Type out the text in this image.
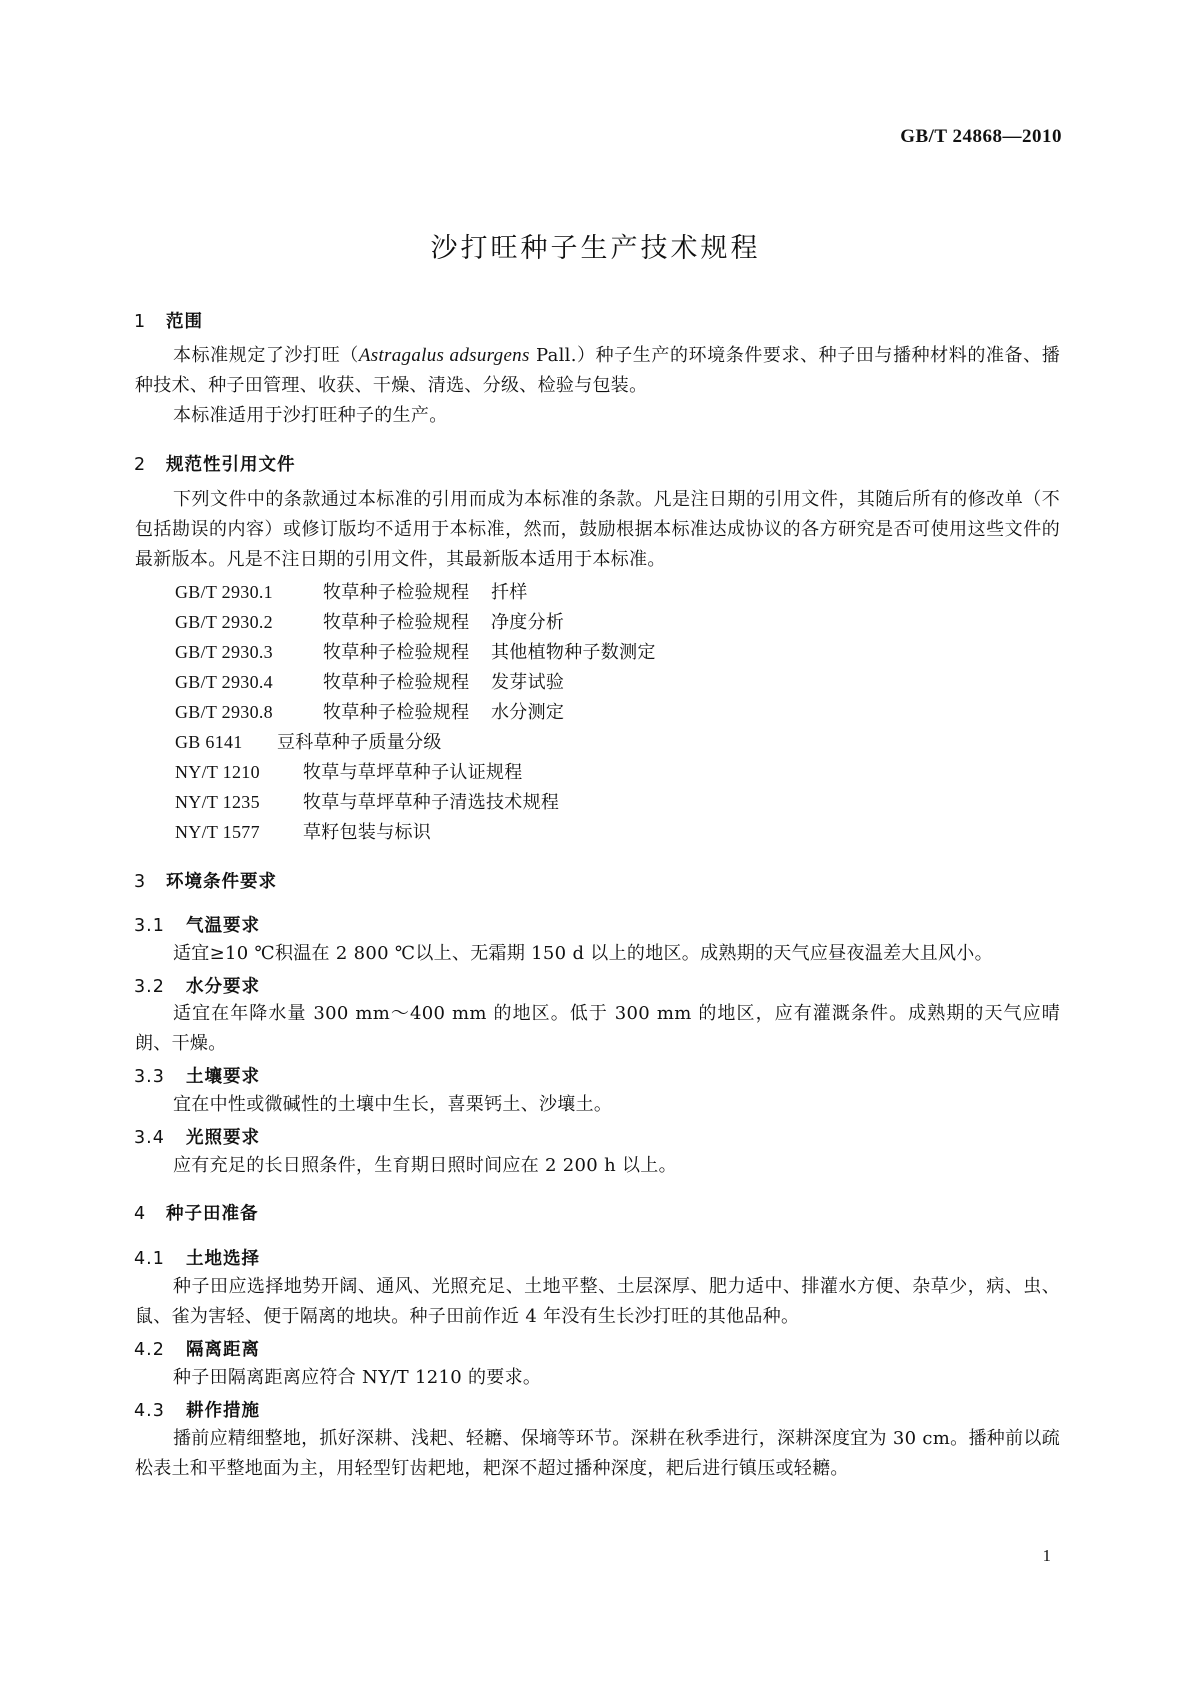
GB/T 24868—2010
沙打旺种子生产技术规程
1 范围

本标准规定了沙打旺（Astragalus adsurgens Pall.）种子生产的环境条件要求、种子田与播种材料的准备、播种技术、种子田管理、收获、干燥、清选、分级、检验与包装。

本标准适用于沙打旺种子的生产。

2 规范性引用文件

下列文件中的条款通过本标准的引用而成为本标准的条款。凡是注日期的引用文件，其随后所有的修改单（不包括勘误的内容）或修订版均不适用于本标准，然而，鼓励根据本标准达成协议的各方研究是否可使用这些文件的最新版本。凡是不注日期的引用文件，其最新版本适用于本标准。

GB/T 2930.1	牧草种子检验规程 扦样
GB/T 2930.2	牧草种子检验规程 净度分析
GB/T 2930.3	牧草种子检验规程 其他植物种子数测定
GB/T 2930.4	牧草种子检验规程 发芽试验
GB/T 2930.8	牧草种子检验规程 水分测定
GB 6141 豆科草种子质量分级
NY/T 1210 牧草与草坪草种子认证规程
NY/T 1235 牧草与草坪草种子清选技术规程
NY/T 1577 草籽包装与标识
3 环境条件要求
3.1 气温要求

适宜≥10 ℃积温在 2 800 ℃以上、无霜期 150 d 以上的地区。成熟期的天气应昼夜温差大且风小。

3.2 水分要求

适宜在年降水量 300 mm～400 mm 的地区。低于 300 mm 的地区，应有灌溉条件。成熟期的天气应晴朗、干燥。

3.3 土壤要求

宜在中性或微碱性的土壤中生长，喜栗钙土、沙壤土。

3.4 光照要求

应有充足的长日照条件，生育期日照时间应在 2 200 h 以上。

4 种子田准备
4.1 土地选择

种子田应选择地势开阔、通风、光照充足、土地平整、土层深厚、肥力适中、排灌水方便、杂草少，病、虫、鼠、雀为害轻、便于隔离的地块。种子田前作近 4 年没有生长沙打旺的其他品种。

4.2 隔离距离

种子田隔离距离应符合 NY/T 1210 的要求。

4.3 耕作措施

播前应精细整地，抓好深耕、浅耙、轻耱、保墒等环节。深耕在秋季进行，深耕深度宜为 30 cm。播种前以疏松表土和平整地面为主，用轻型钉齿耙地，耙深不超过播种深度，耙后进行镇压或轻耱。

1
